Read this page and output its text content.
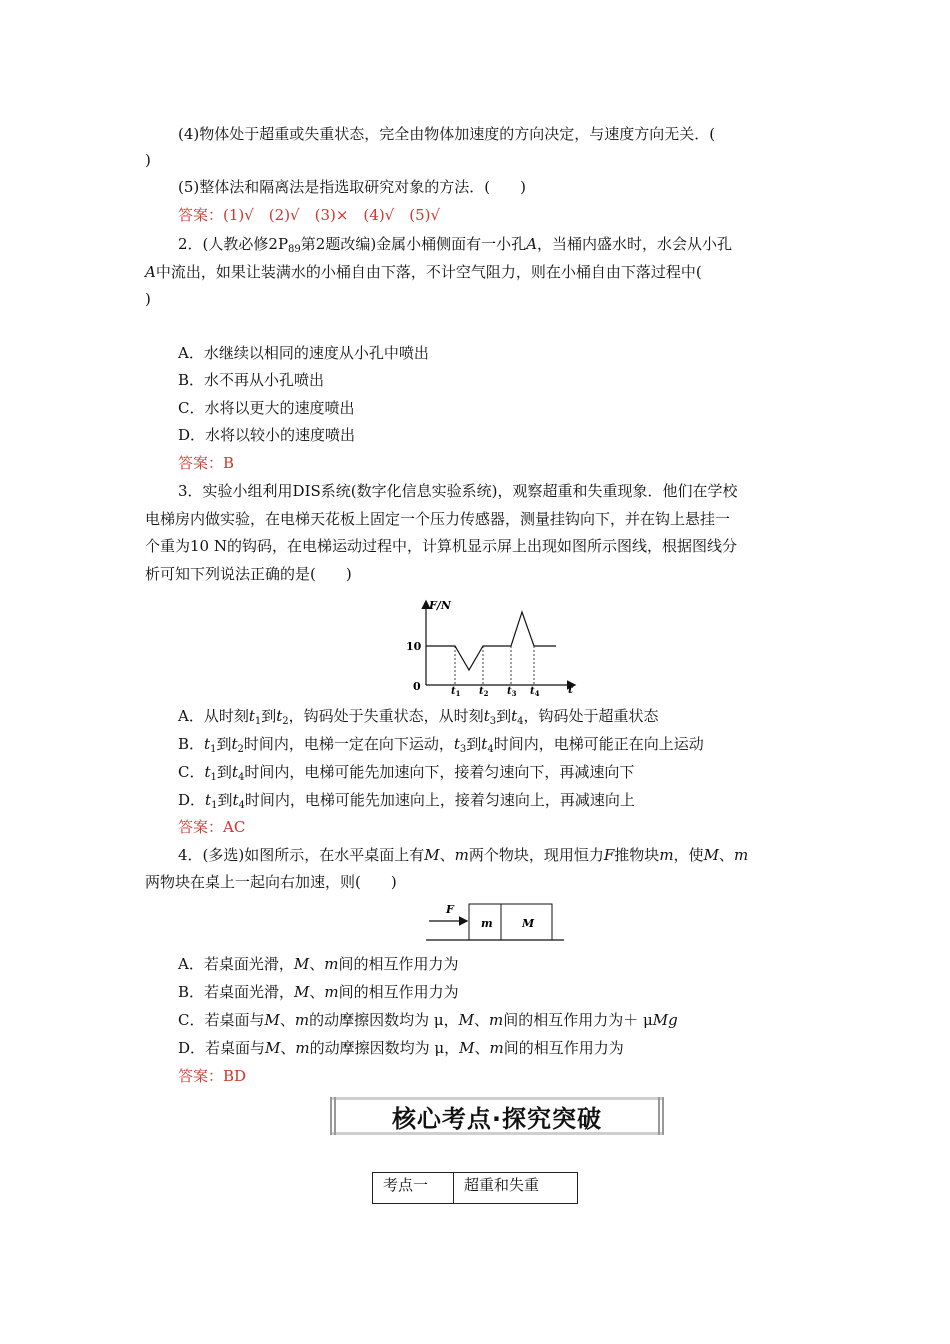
(4)物体处于超重或失重状态，完全由物体加速度的方向决定，与速度方向无关．(
)
(5)整体法和隔离法是指选取研究对象的方法．(　　)
答案：(1)√　(2)√　(3)×　(4)√　(5)√
2．(人教必修$2P_{89}$第2题改编)金属小桶侧面有一小孔A，当桶内盛水时，水会从小孔
A中流出，如果让装满水的小桶自由下落，不计空气阻力，则在小桶自由下落过程中(
)
A．水继续以相同的速度从小孔中喷出
B．水不再从小孔喷出
C．水将以更大的速度喷出
D．水将以较小的速度喷出
答案：B
3．实验小组利用DIS系统(数字化信息实验系统)，观察超重和失重现象．他们在学校
电梯房内做实验，在电梯天花板上固定一个压力传感器，测量挂钩向下，并在钩上悬挂一
个重为10 N的钩码，在电梯运动过程中，计算机显示屏上出现如图所示图线，根据图线分
析可知下列说法正确的是(　　)
F/N
t
0
10
$t_1$ $t_2$ $t_3$ $t_4$
A．从时刻$t_1$到$t_2$，钩码处于失重状态，从时刻$t_3$到$t_4$，钩码处于超重状态
B．$t_1$到$t_2$时间内，电梯一定在向下运动，$t_3$到$t_4$时间内，电梯可能正在向上运动
C．$t_1$到$t_4$时间内，电梯可能先加速向下，接着匀速向下，再减速向下
D．$t_1$到$t_4$时间内，电梯可能先加速向上，接着匀速向上，再减速向上
答案：AC
4．(多选)如图所示，在水平桌面上有M、m两个物块，现用恒力F推物块m，使M、m
两物块在桌上一起向右加速，则(　　)
F
m	M
A．若桌面光滑，M、m间的相互作用力为
B．若桌面光滑，M、m间的相互作用力为
C．若桌面与M、m的动摩擦因数均为 μ，M、m间的相互作用力为＋ μMg
D．若桌面与M、m的动摩擦因数均为 μ，M、m间的相互作用力为
答案：BD
核心考点·探究突破
考点一	超重和失重
